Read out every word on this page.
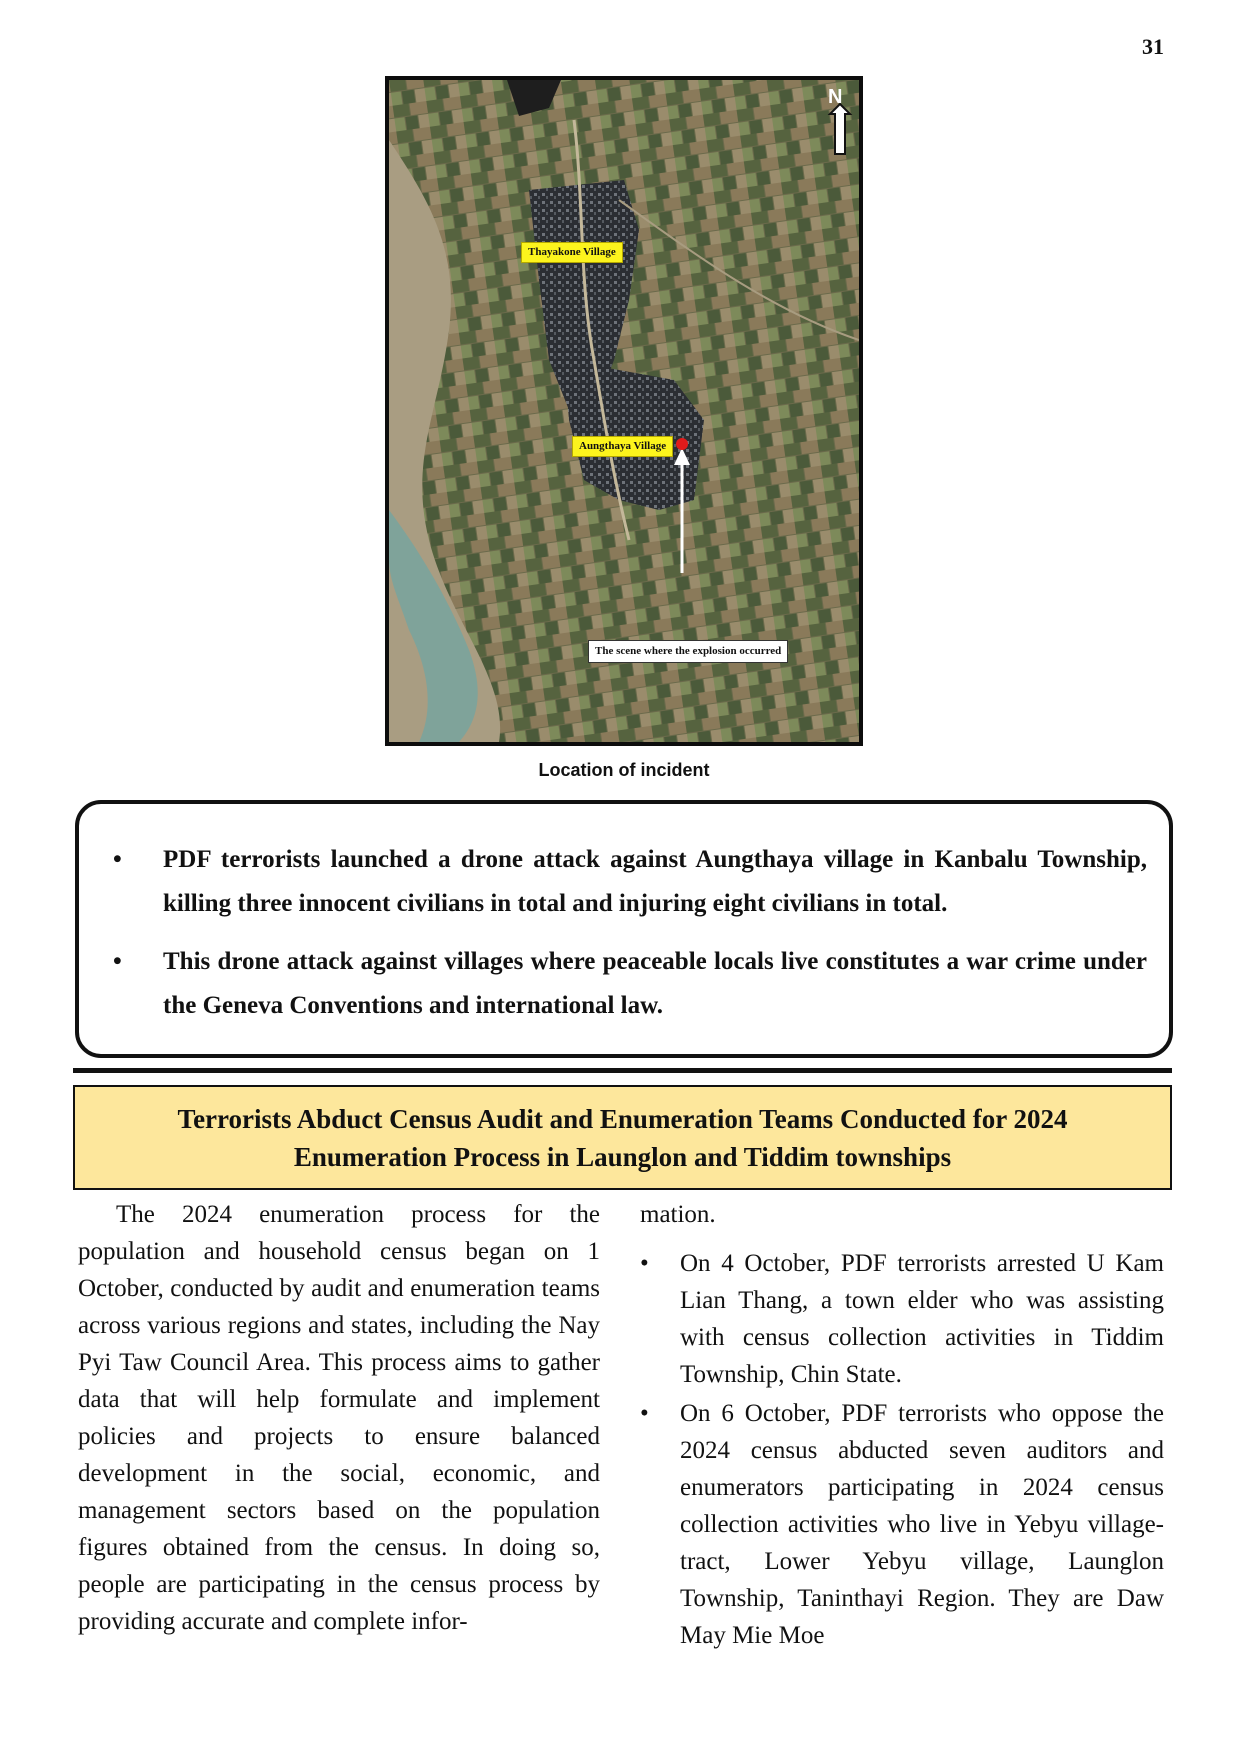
31
N
Thayakone Village
Aungthaya Village
The scene where the explosion occurred
Location of incident
• PDF terrorists launched a drone attack against Aungthaya village in Kanbalu Township, killing three innocent civilians in total and injuring eight civilians in total.
• This drone attack against villages where peaceable locals live constitutes a war crime under the Geneva Conventions and international law.
Terrorists Abduct Census Audit and Enumeration Teams Conducted for 2024 Enumeration Process in Launglon and Tiddim townships

The 2024 enumeration process for the population and household census began on 1 October, conducted by audit and enumeration teams across various regions and states, including the Nay Pyi Taw Council Area. This process aims to gather data that will help formulate and implement policies and projects to ensure balanced development in the social, economic, and management sectors based on the population figures obtained from the census. In doing so, people are participating in the census process by providing accurate and complete infor-

mation.

• On 4 October, PDF terrorists arrested U Kam Lian Thang, a town elder who was assisting with census collection activities in Tiddim Township, Chin State.
• On 6 October, PDF terrorists who oppose the 2024 census abducted seven auditors and enumerators participating in 2024 census collection activities who live in Yebyu village-tract, Lower Yebyu village, Launglon Township, Taninthayi Region. They are Daw May Mie Moe
